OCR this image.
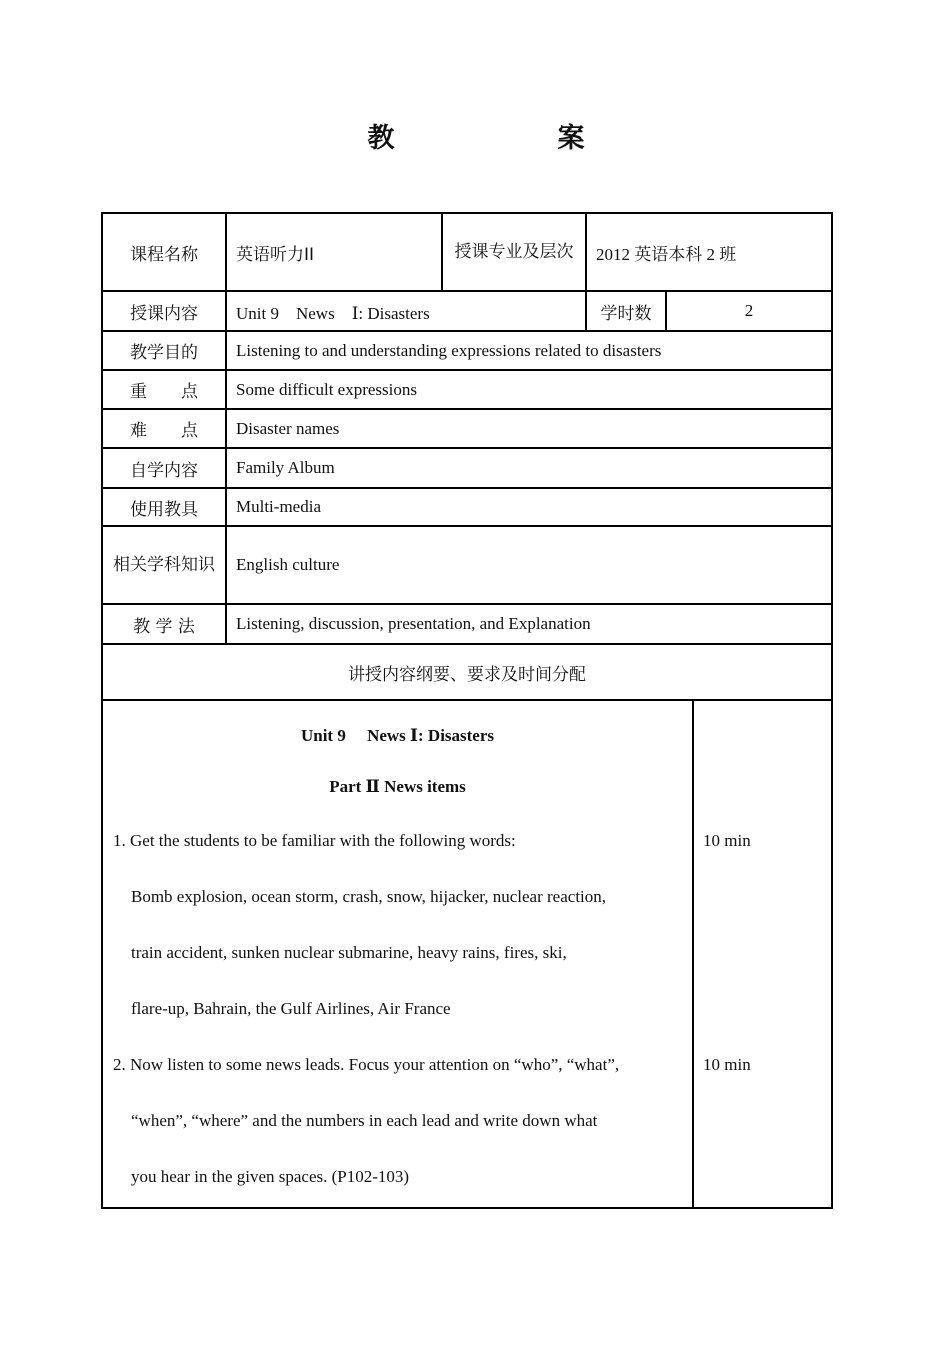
教　案
课程名称	英语听力II	授课专业及层次	2012 英语本科 2 班	
授课内容	Unit 9　News　Ⅰ: Disasters		学时数	2
教学目的	Listening to and understanding expressions related to disasters			
重　　点	Some difficult expressions			
难　　点	Disaster names			
自学内容	Family Album			
使用教具	Multi-media			
相关学科知识	English culture			
教 学 法	Listening, discussion, presentation, and Explanation			
讲授内容纲要、要求及时间分配				
Unit 9　 News Ⅰ: Disasters
Part Ⅱ News items
1. Get the students to be familiar with the following words:
Bomb explosion, ocean storm, crash, snow, hijacker, nuclear reaction,
train accident, sunken nuclear submarine, heavy rains, fires, ski,
flare-up, Bahrain, the Gulf Airlines, Air France
2. Now listen to some news leads. Focus your attention on “who”, “what”,
“when”, “where” and the numbers in each lead and write down what
you hear in the given spaces. (P102-103)

10 min
10 min
